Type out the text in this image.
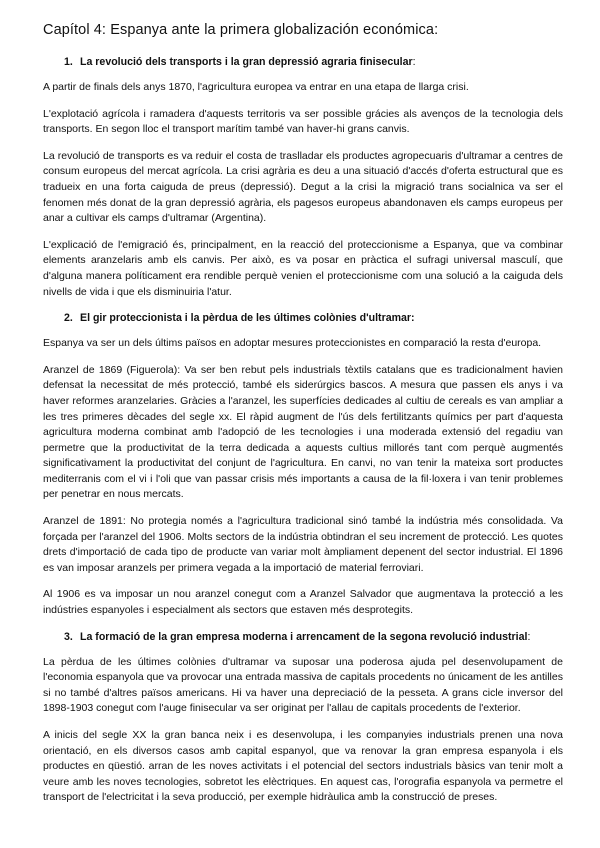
Capítol 4: Espanya ante la primera globalización económica:
1. La revolució dels transports i la gran depressió agraria finisecular:

A partir de finals dels anys 1870, l'agricultura europea va entrar en una etapa de llarga crisi.

L'explotació agrícola i ramadera d'aquests territoris va ser possible grácies als avenços de la tecnologia dels transports. En segon lloc el transport marítim també van haver-hi grans canvis.

La revolució de transports es va reduir el costa de traslladar els productes agropecuaris d'ultramar a centres de consum europeus del mercat agrícola. La crisi agrària es deu a una situació d'accés d'oferta estructural que es tradueix en una forta caiguda de preus (depressió). Degut a la crisi la migració trans socialnica va ser el fenomen més donat de la gran depressió agrària, els pagesos europeus abandonaven els camps europeus per anar a cultivar els camps d'ultramar (Argentina).

L'explicació de l'emigració és, principalment, en la reacció del proteccionisme a Espanya, que va combinar elements aranzelaris amb els canvis. Per això, es va posar en pràctica el sufragi universal masculí, que d'alguna manera políticament era rendible perquè venien el proteccionisme com una solució a la caiguda dels nivells de vida i que els disminuiria l'atur.

2. El gir proteccionista i la pèrdua de les últimes colònies d'ultramar:

Espanya va ser un dels últims països en adoptar mesures proteccionistes en comparació la resta d'europa.

Aranzel de 1869 (Figuerola): Va ser ben rebut pels industrials tèxtils catalans que es tradicionalment havien defensat la necessitat de més protecció, també els siderúrgics bascos. A mesura que passen els anys i va haver reformes aranzelaries. Gràcies a l'aranzel, les superfícies dedicades al cultiu de cereals es van ampliar a les tres primeres dècades del segle xx. El ràpid augment de l'ús dels fertilitzants químics per part d'aquesta agricultura moderna combinat amb l'adopció de les tecnologies i una moderada extensió del regadiu van permetre que la productivitat de la terra dedicada a aquests cultius millorés tant com perquè augmentés significativament la productivitat del conjunt de l'agricultura. En canvi, no van tenir la mateixa sort productes mediterranis com el vi i l'oli que van passar crisis més importants a causa de la fil·loxera i van tenir problemes per penetrar en nous mercats.

Aranzel de 1891: No protegia només a l'agricultura tradicional sinó també la indústria més consolidada. Va forçada per l'aranzel del 1906. Molts sectors de la indústria obtindran el seu increment de protecció. Les quotes drets d'importació de cada tipo de producte van variar molt àmpliament depenent del sector industrial. El 1896 es van imposar aranzels per primera vegada a la importació de material ferroviari.

Al 1906 es va imposar un nou aranzel conegut com a Aranzel Salvador que augmentava la protecció a les indústries espanyoles i especialment als sectors que estaven més desprotegits.

3. La formació de la gran empresa moderna i arrencament de la segona revolució industrial:

La pèrdua de les últimes colònies d'ultramar va suposar una poderosa ajuda pel desenvolupament de l'economia espanyola que va provocar una entrada massiva de capitals procedents no únicament de les antilles si no també d'altres països americans. Hi va haver una depreciació de la pesseta. A grans cicle inversor del 1898-1903 conegut com l'auge finisecular va ser originat per l'allau de capitals procedents de l'exterior.

A inicis del segle XX la gran banca neix i es desenvolupa, i les companyies industrials prenen una nova orientació, en els diversos casos amb capital espanyol, que va renovar la gran empresa espanyola i els productes en qüestió. arran de les noves activitats i el potencial del sectors industrials bàsics van tenir molt a veure amb les noves tecnologies, sobretot les elèctriques. En aquest cas, l'orografia espanyola va permetre el transport de l'electricitat i la seva producció, per exemple hidràulica amb la construcció de preses.
